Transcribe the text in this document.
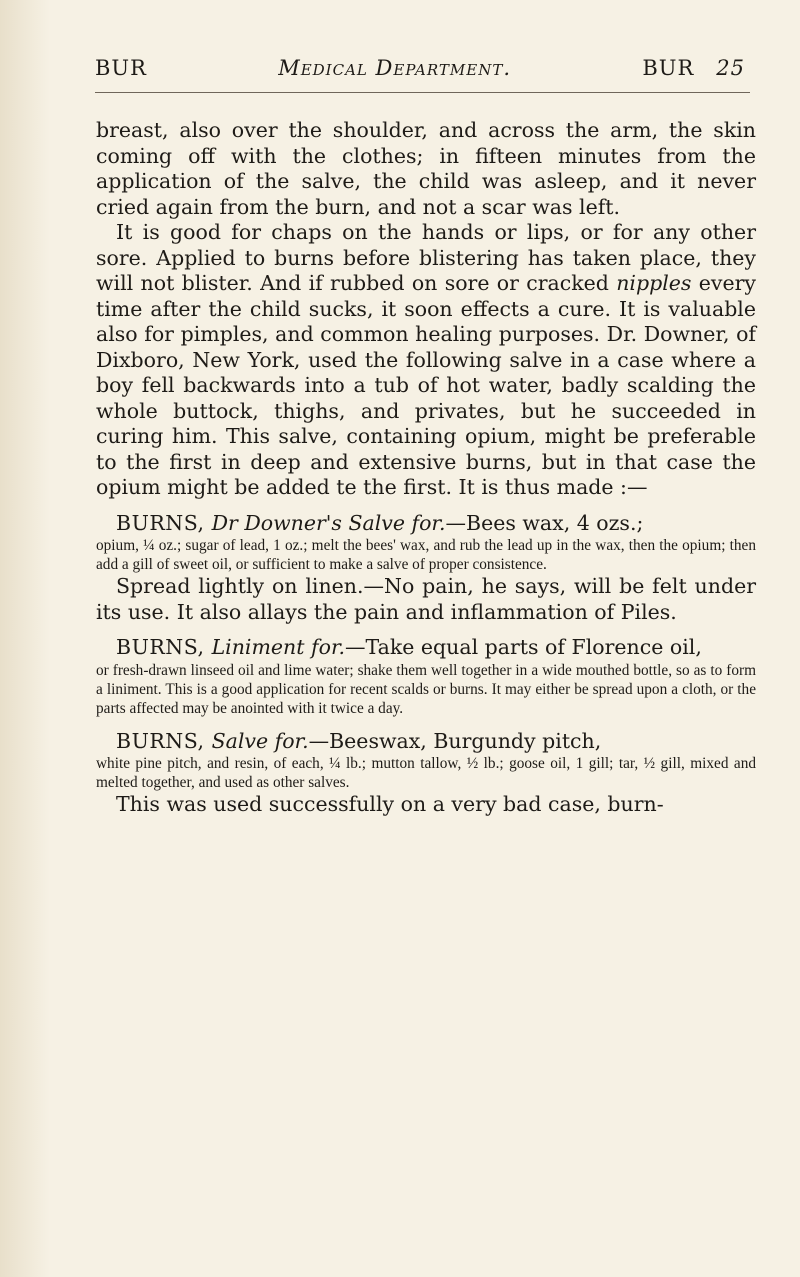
BUR	Medical Department.	BUR 25

breast, also over the shoulder, and across the arm, the skin coming off with the clothes; in fifteen minutes from the application of the salve, the child was asleep, and it never cried again from the burn, and not a scar was left.

It is good for chaps on the hands or lips, or for any other sore. Applied to burns before blistering has taken place, they will not blister. And if rubbed on sore or cracked nipples every time after the child sucks, it soon effects a cure. It is valuable also for pimples, and common healing purposes. Dr. Downer, of Dixboro, New York, used the following salve in a case where a boy fell backwards into a tub of hot water, badly scalding the whole buttock, thighs, and privates, but he succeeded in curing him. This salve, containing opium, might be preferable to the first in deep and extensive burns, but in that case the opium might be added te the first. It is thus made :—

BURNS, Dr Downer's Salve for.—Bees wax, 4 ozs.;

opium, ¼ oz.; sugar of lead, 1 oz.; melt the bees' wax, and rub the lead up in the wax, then the opium; then add a gill of sweet oil, or sufficient to make a salve of proper consistence.

Spread lightly on linen.—No pain, he says, will be felt under its use. It also allays the pain and inflammation of Piles.

BURNS, Liniment for.—Take equal parts of Florence oil,

or fresh-drawn linseed oil and lime water; shake them well together in a wide mouthed bottle, so as to form a liniment. This is a good application for recent scalds or burns. It may either be spread upon a cloth, or the parts affected may be anointed with it twice a day.

BURNS, Salve for.—Beeswax, Burgundy pitch,

white pine pitch, and resin, of each, ¼ lb.; mutton tallow, ½ lb.; goose oil, 1 gill; tar, ½ gill, mixed and melted together, and used as other salves.

This was used successfully on a very bad case, burn-
